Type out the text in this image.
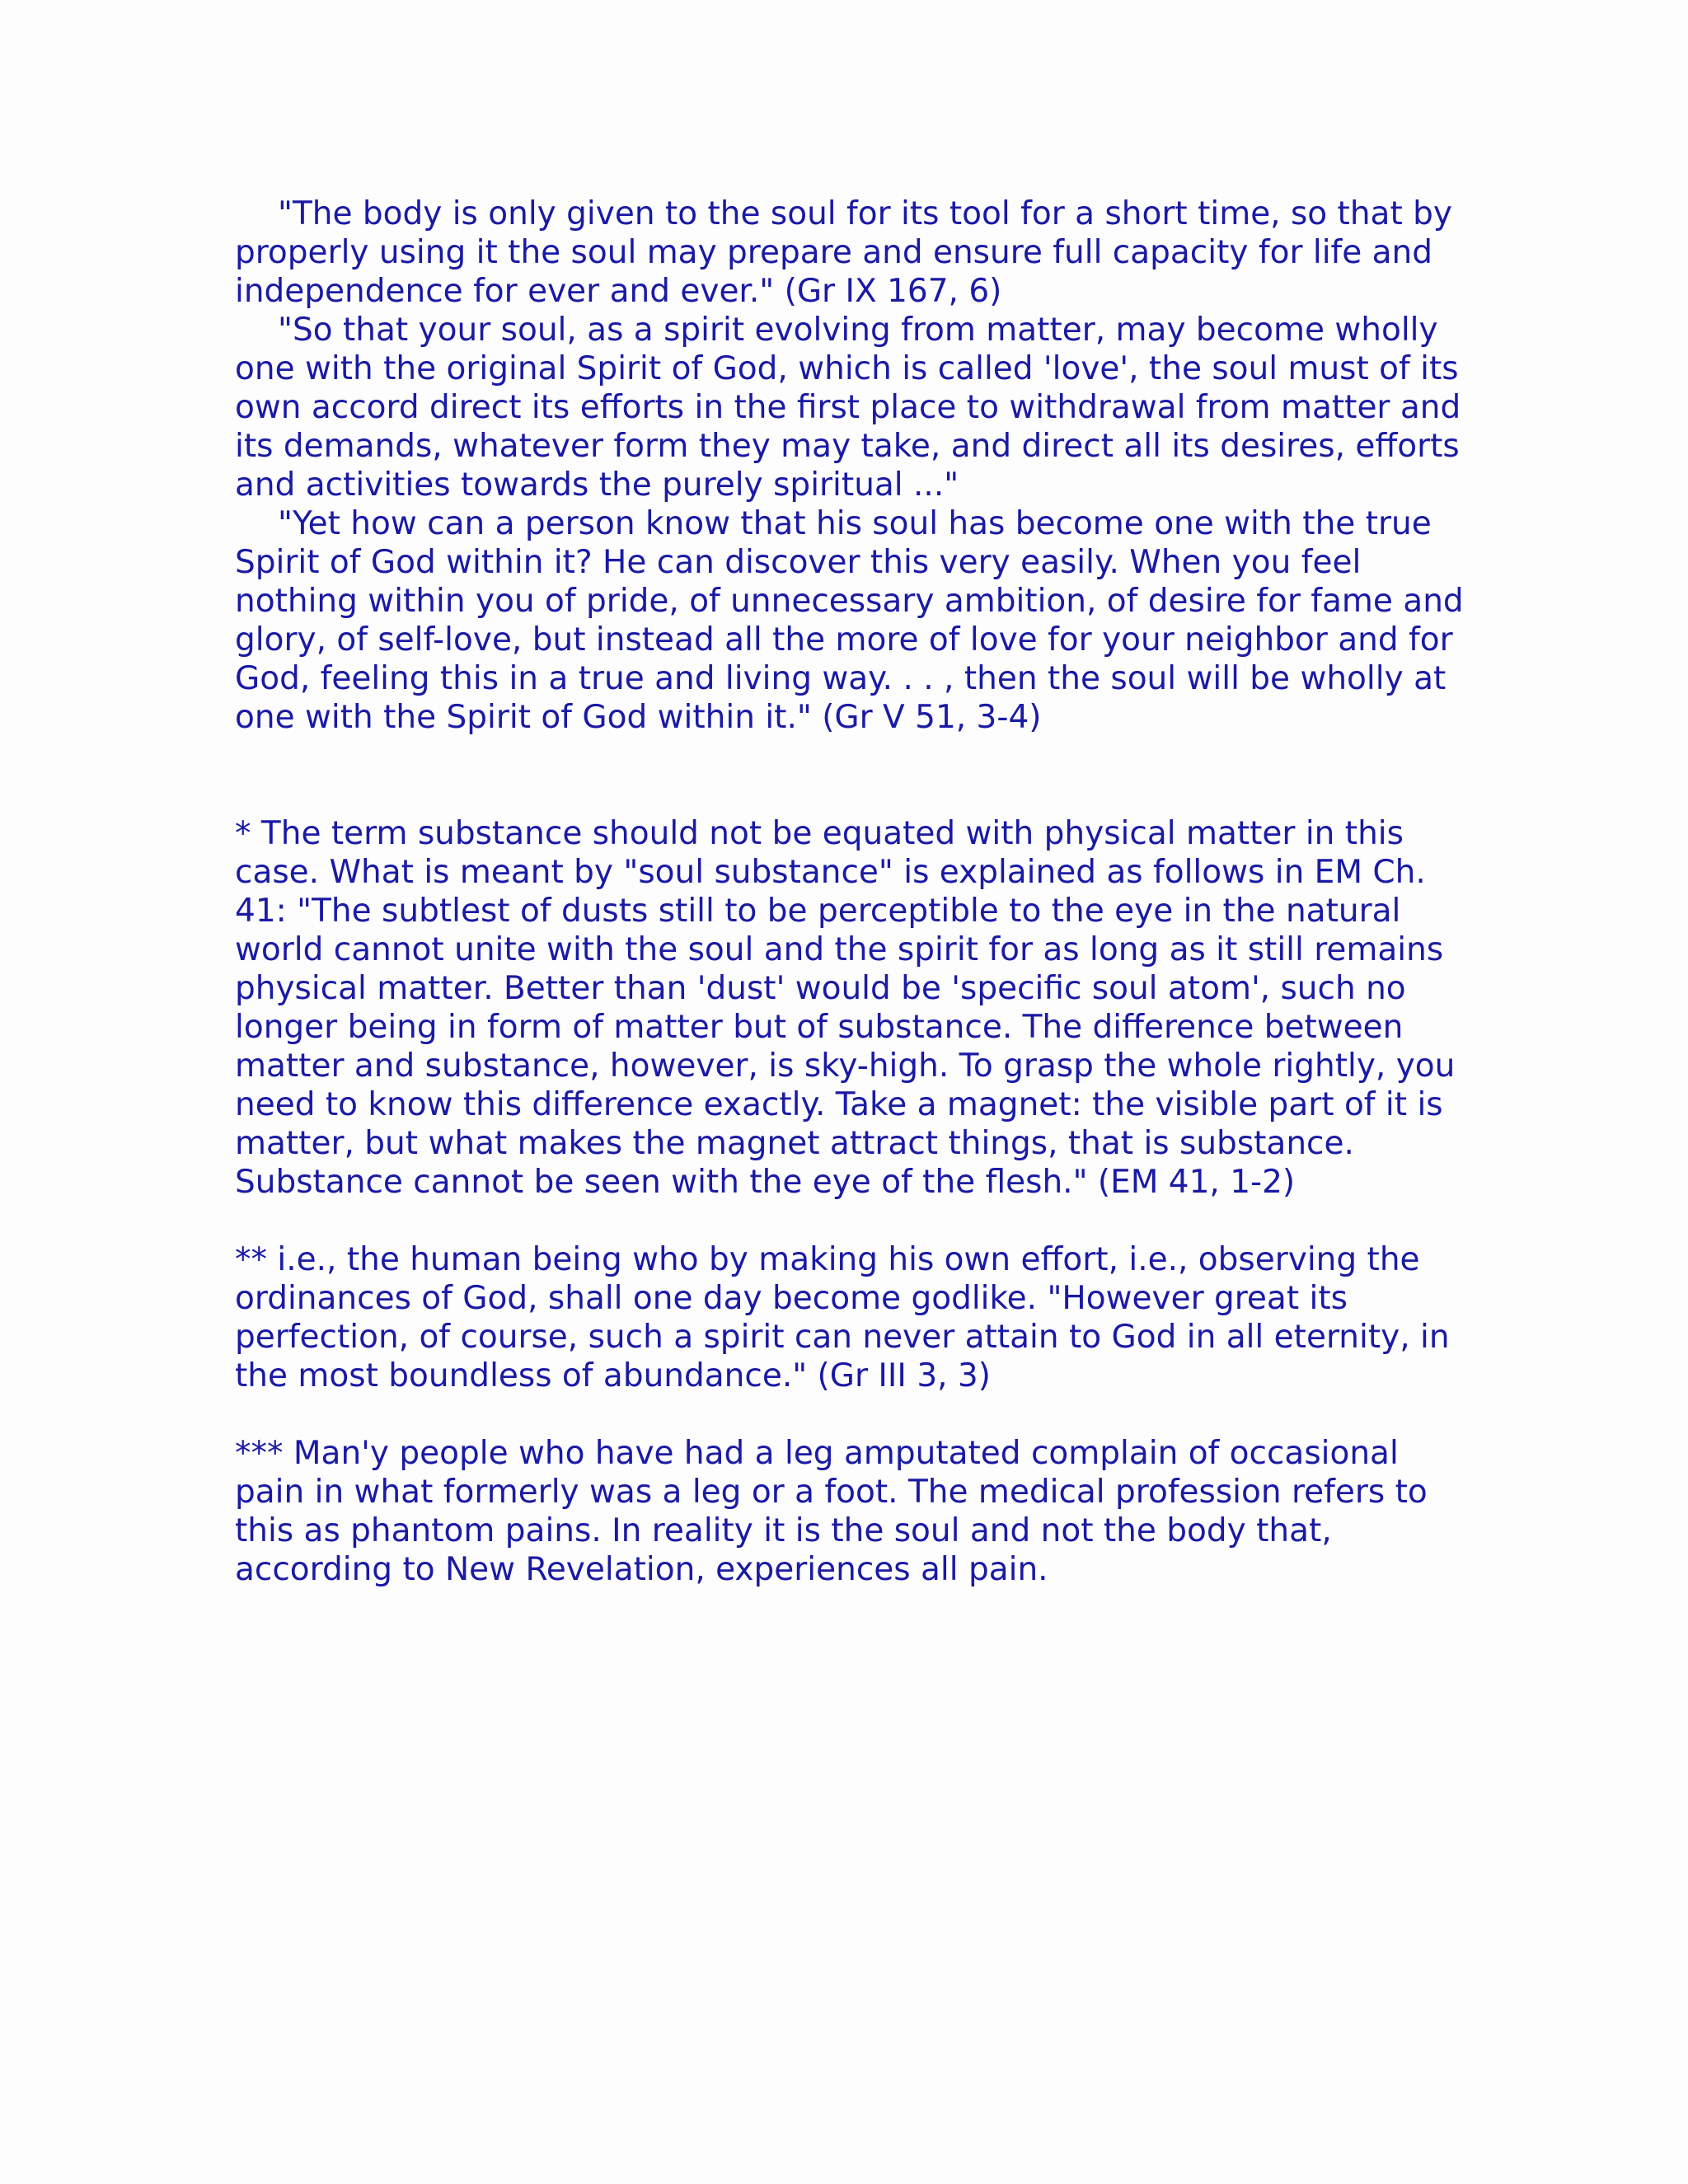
"The body is only given to the soul for its tool for a short time, so that by properly using it the soul may prepare and ensure full capacity for life and independence for ever and ever." (Gr IX 167, 6)

"So that your soul, as a spirit evolving from matter, may become wholly one with the original Spirit of God, which is called 'love', the soul must of its own accord direct its efforts in the first place to withdrawal from matter and its demands, whatever form they may take, and direct all its desires, efforts and activities towards the purely spiritual ..."

"Yet how can a person know that his soul has become one with the true Spirit of God within it? He can discover this very easily. When you feel nothing within you of pride, of unnecessary ambition, of desire for fame and glory, of self-love, but instead all the more of love for your neighbor and for God, feeling this in a true and living way. . . , then the soul will be wholly at one with the Spirit of God within it." (Gr V 51, 3-4)

* The term substance should not be equated with physical matter in this case. What is meant by "soul substance" is explained as follows in EM Ch. 41: "The subtlest of dusts still to be perceptible to the eye in the natural world cannot unite with the soul and the spirit for as long as it still remains physical matter. Better than 'dust' would be 'specific soul atom', such no longer being in form of matter but of substance. The difference between matter and substance, however, is sky-high. To grasp the whole rightly, you need to know this difference exactly. Take a magnet: the visible part of it is matter, but what makes the magnet attract things, that is substance. Substance cannot be seen with the eye of the flesh." (EM 41, 1-2)

** i.e., the human being who by making his own effort, i.e., observing the ordinances of God, shall one day become godlike. "However great its perfection, of course, such a spirit can never attain to God in all eternity, in the most boundless of abundance." (Gr III 3, 3)

*** Man'y people who have had a leg amputated complain of occasional pain in what formerly was a leg or a foot. The medical profession refers to this as phantom pains. In reality it is the soul and not the body that, according to New Revelation, experiences all pain.
